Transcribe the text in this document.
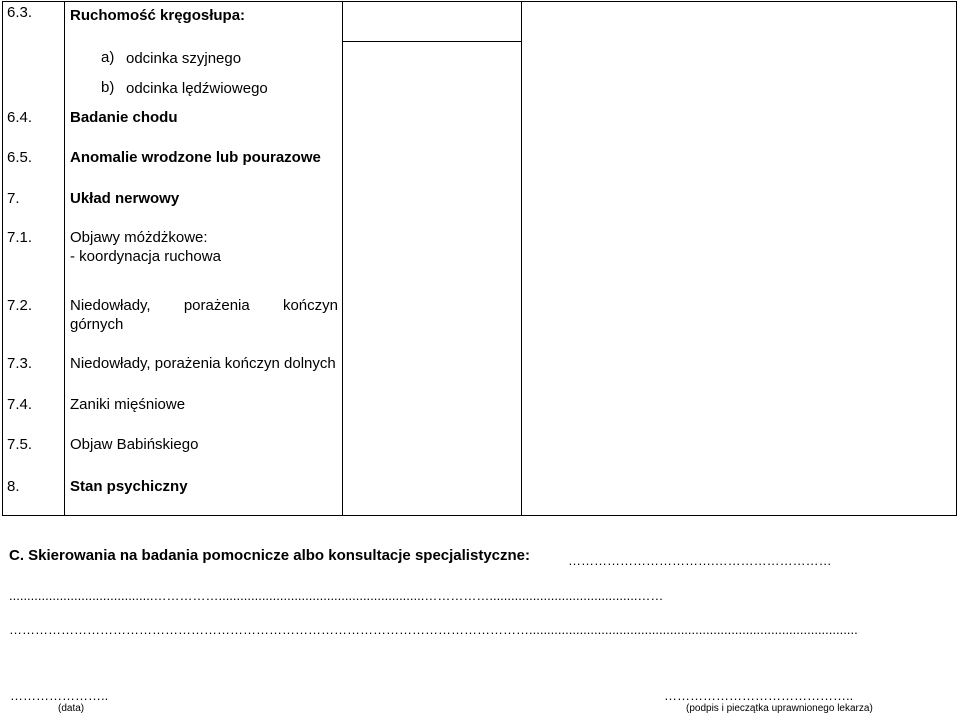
6.3.	Ruchomość kręgosłupa:
a) odcinka szyjnego
b) odcinka lędźwiowego
6.4.	Badanie chodu
6.5.	Anomalie wrodzone lub pourazowe
7.	Układ nerwowy
7.1.	Objawy móżdżkowe:
- koordynacja ruchowa
7.2.	Niedowłady, porażenia kończyn
górnych
7.3.	Niedowłady, porażenia kończyn dolnych
7.4.	Zaniki mięśniowe
7.5.	Objaw Babińskiego
8.	Stan psychiczny
C. Skierowania na badania pomocnicze albo konsultacje specjalistyczne:	…………………………….………………………
........................................…………….........................................................…………….........................................……
…………………………………………………………………………………………………………...........................................................................................
…………………..
(data)
……………………………………..
(podpis i pieczątka uprawnionego lekarza)
